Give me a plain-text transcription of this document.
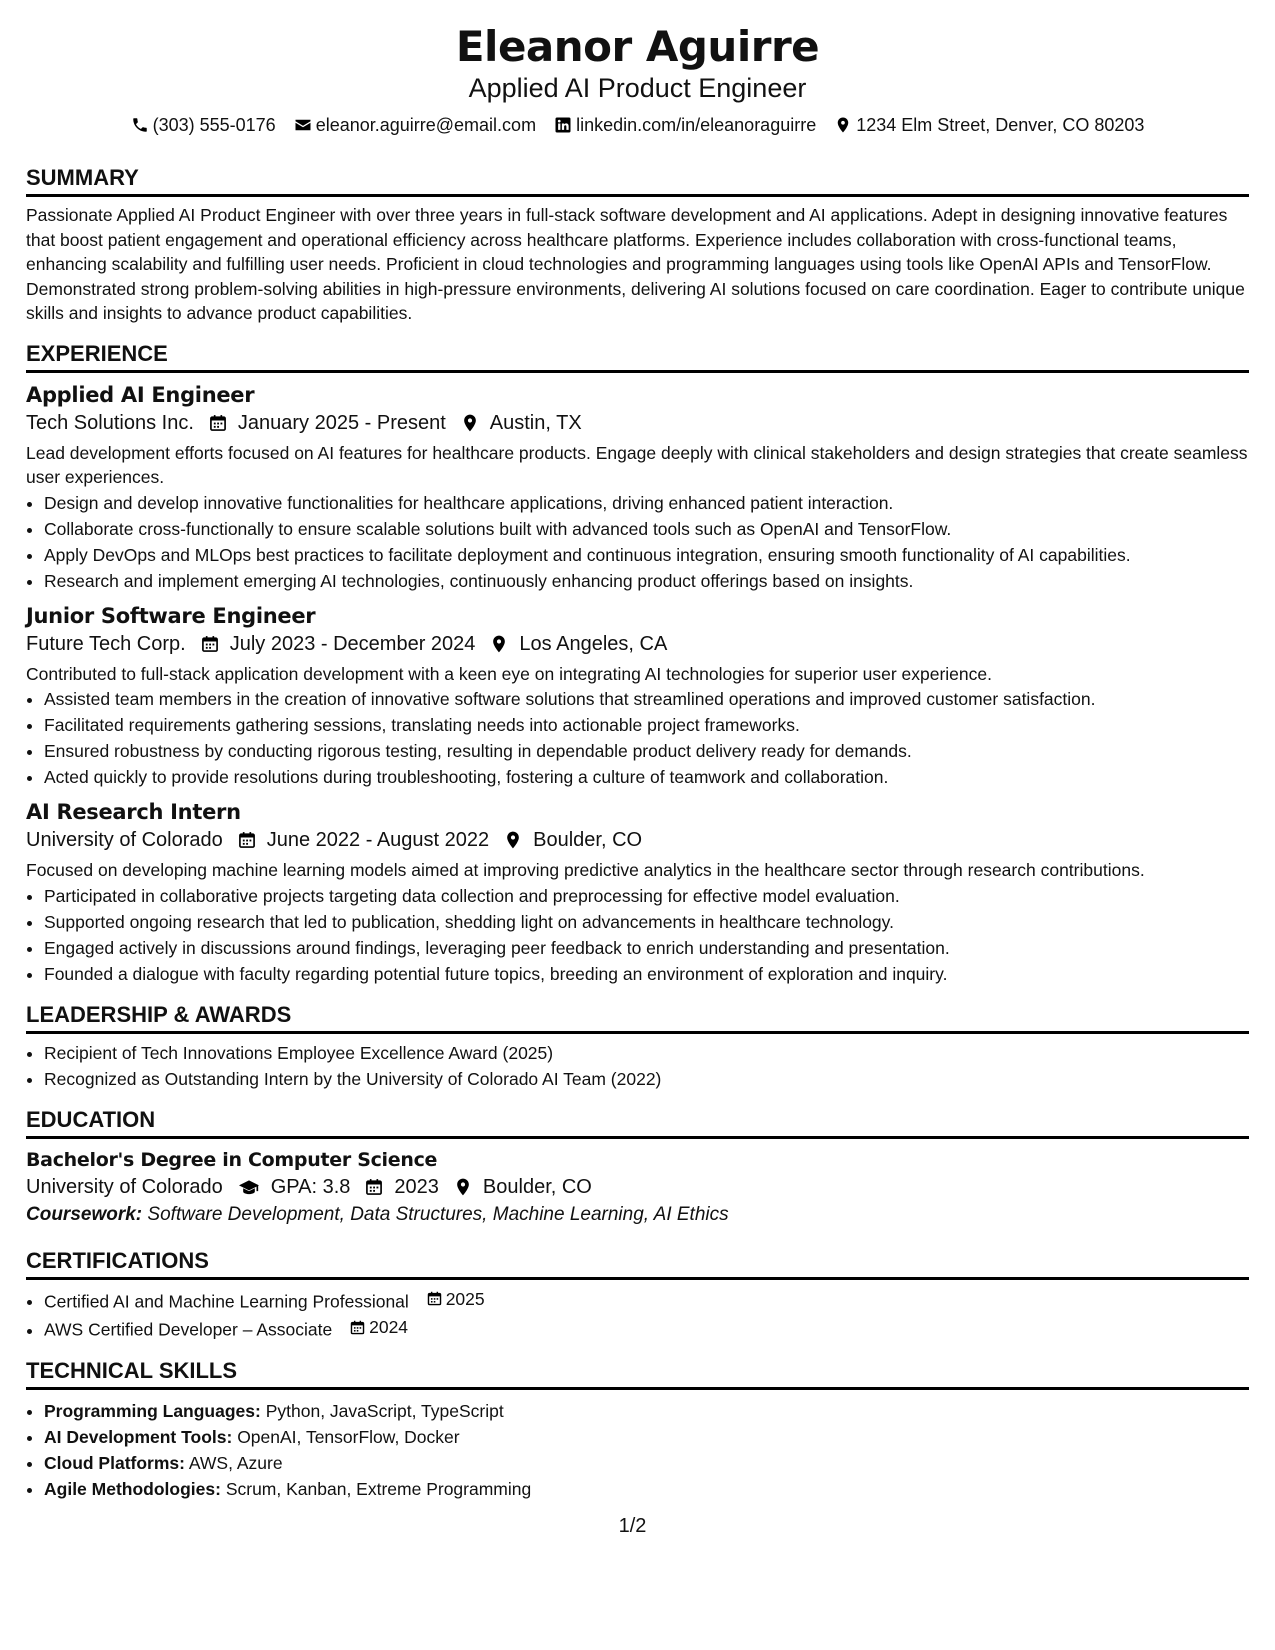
Eleanor Aguirre
Applied AI Product Engineer
(303) 555-0176 eleanor.aguirre@email.com linkedin.com/in/eleanoraguirre 1234 Elm Street, Denver, CO 80203
SUMMARY
Passionate Applied AI Product Engineer with over three years in full-stack software development and AI applications. Adept in designing innovative features that boost patient engagement and operational efficiency across healthcare platforms. Experience includes collaboration with cross-functional teams, enhancing scalability and fulfilling user needs. Proficient in cloud technologies and programming languages using tools like OpenAI APIs and TensorFlow. Demonstrated strong problem-solving abilities in high-pressure environments, delivering AI solutions focused on care coordination. Eager to contribute unique skills and insights to advance product capabilities.
EXPERIENCE
Applied AI Engineer
Tech Solutions Inc. January 2025 - Present Austin, TX
Lead development efforts focused on AI features for healthcare products. Engage deeply with clinical stakeholders and design strategies that create seamless user experiences.
• Design and develop innovative functionalities for healthcare applications, driving enhanced patient interaction.
• Collaborate cross-functionally to ensure scalable solutions built with advanced tools such as OpenAI and TensorFlow.
• Apply DevOps and MLOps best practices to facilitate deployment and continuous integration, ensuring smooth functionality of AI capabilities.
• Research and implement emerging AI technologies, continuously enhancing product offerings based on insights.
Junior Software Engineer
Future Tech Corp. July 2023 - December 2024 Los Angeles, CA
Contributed to full-stack application development with a keen eye on integrating AI technologies for superior user experience.
• Assisted team members in the creation of innovative software solutions that streamlined operations and improved customer satisfaction.
• Facilitated requirements gathering sessions, translating needs into actionable project frameworks.
• Ensured robustness by conducting rigorous testing, resulting in dependable product delivery ready for demands.
• Acted quickly to provide resolutions during troubleshooting, fostering a culture of teamwork and collaboration.
AI Research Intern
University of Colorado June 2022 - August 2022 Boulder, CO
Focused on developing machine learning models aimed at improving predictive analytics in the healthcare sector through research contributions.
• Participated in collaborative projects targeting data collection and preprocessing for effective model evaluation.
• Supported ongoing research that led to publication, shedding light on advancements in healthcare technology.
• Engaged actively in discussions around findings, leveraging peer feedback to enrich understanding and presentation.
• Founded a dialogue with faculty regarding potential future topics, breeding an environment of exploration and inquiry.
LEADERSHIP & AWARDS
• Recipient of Tech Innovations Employee Excellence Award (2025)
• Recognized as Outstanding Intern by the University of Colorado AI Team (2022)
EDUCATION
Bachelor's Degree in Computer Science
University of Colorado GPA: 3.8 2023 Boulder, CO
Coursework: Software Development, Data Structures, Machine Learning, AI Ethics
CERTIFICATIONS
• Certified AI and Machine Learning Professional 2025
• AWS Certified Developer – Associate 2024
TECHNICAL SKILLS
• Programming Languages: Python, JavaScript, TypeScript
• AI Development Tools: OpenAI, TensorFlow, Docker
• Cloud Platforms: AWS, Azure
• Agile Methodologies: Scrum, Kanban, Extreme Programming
1/2
